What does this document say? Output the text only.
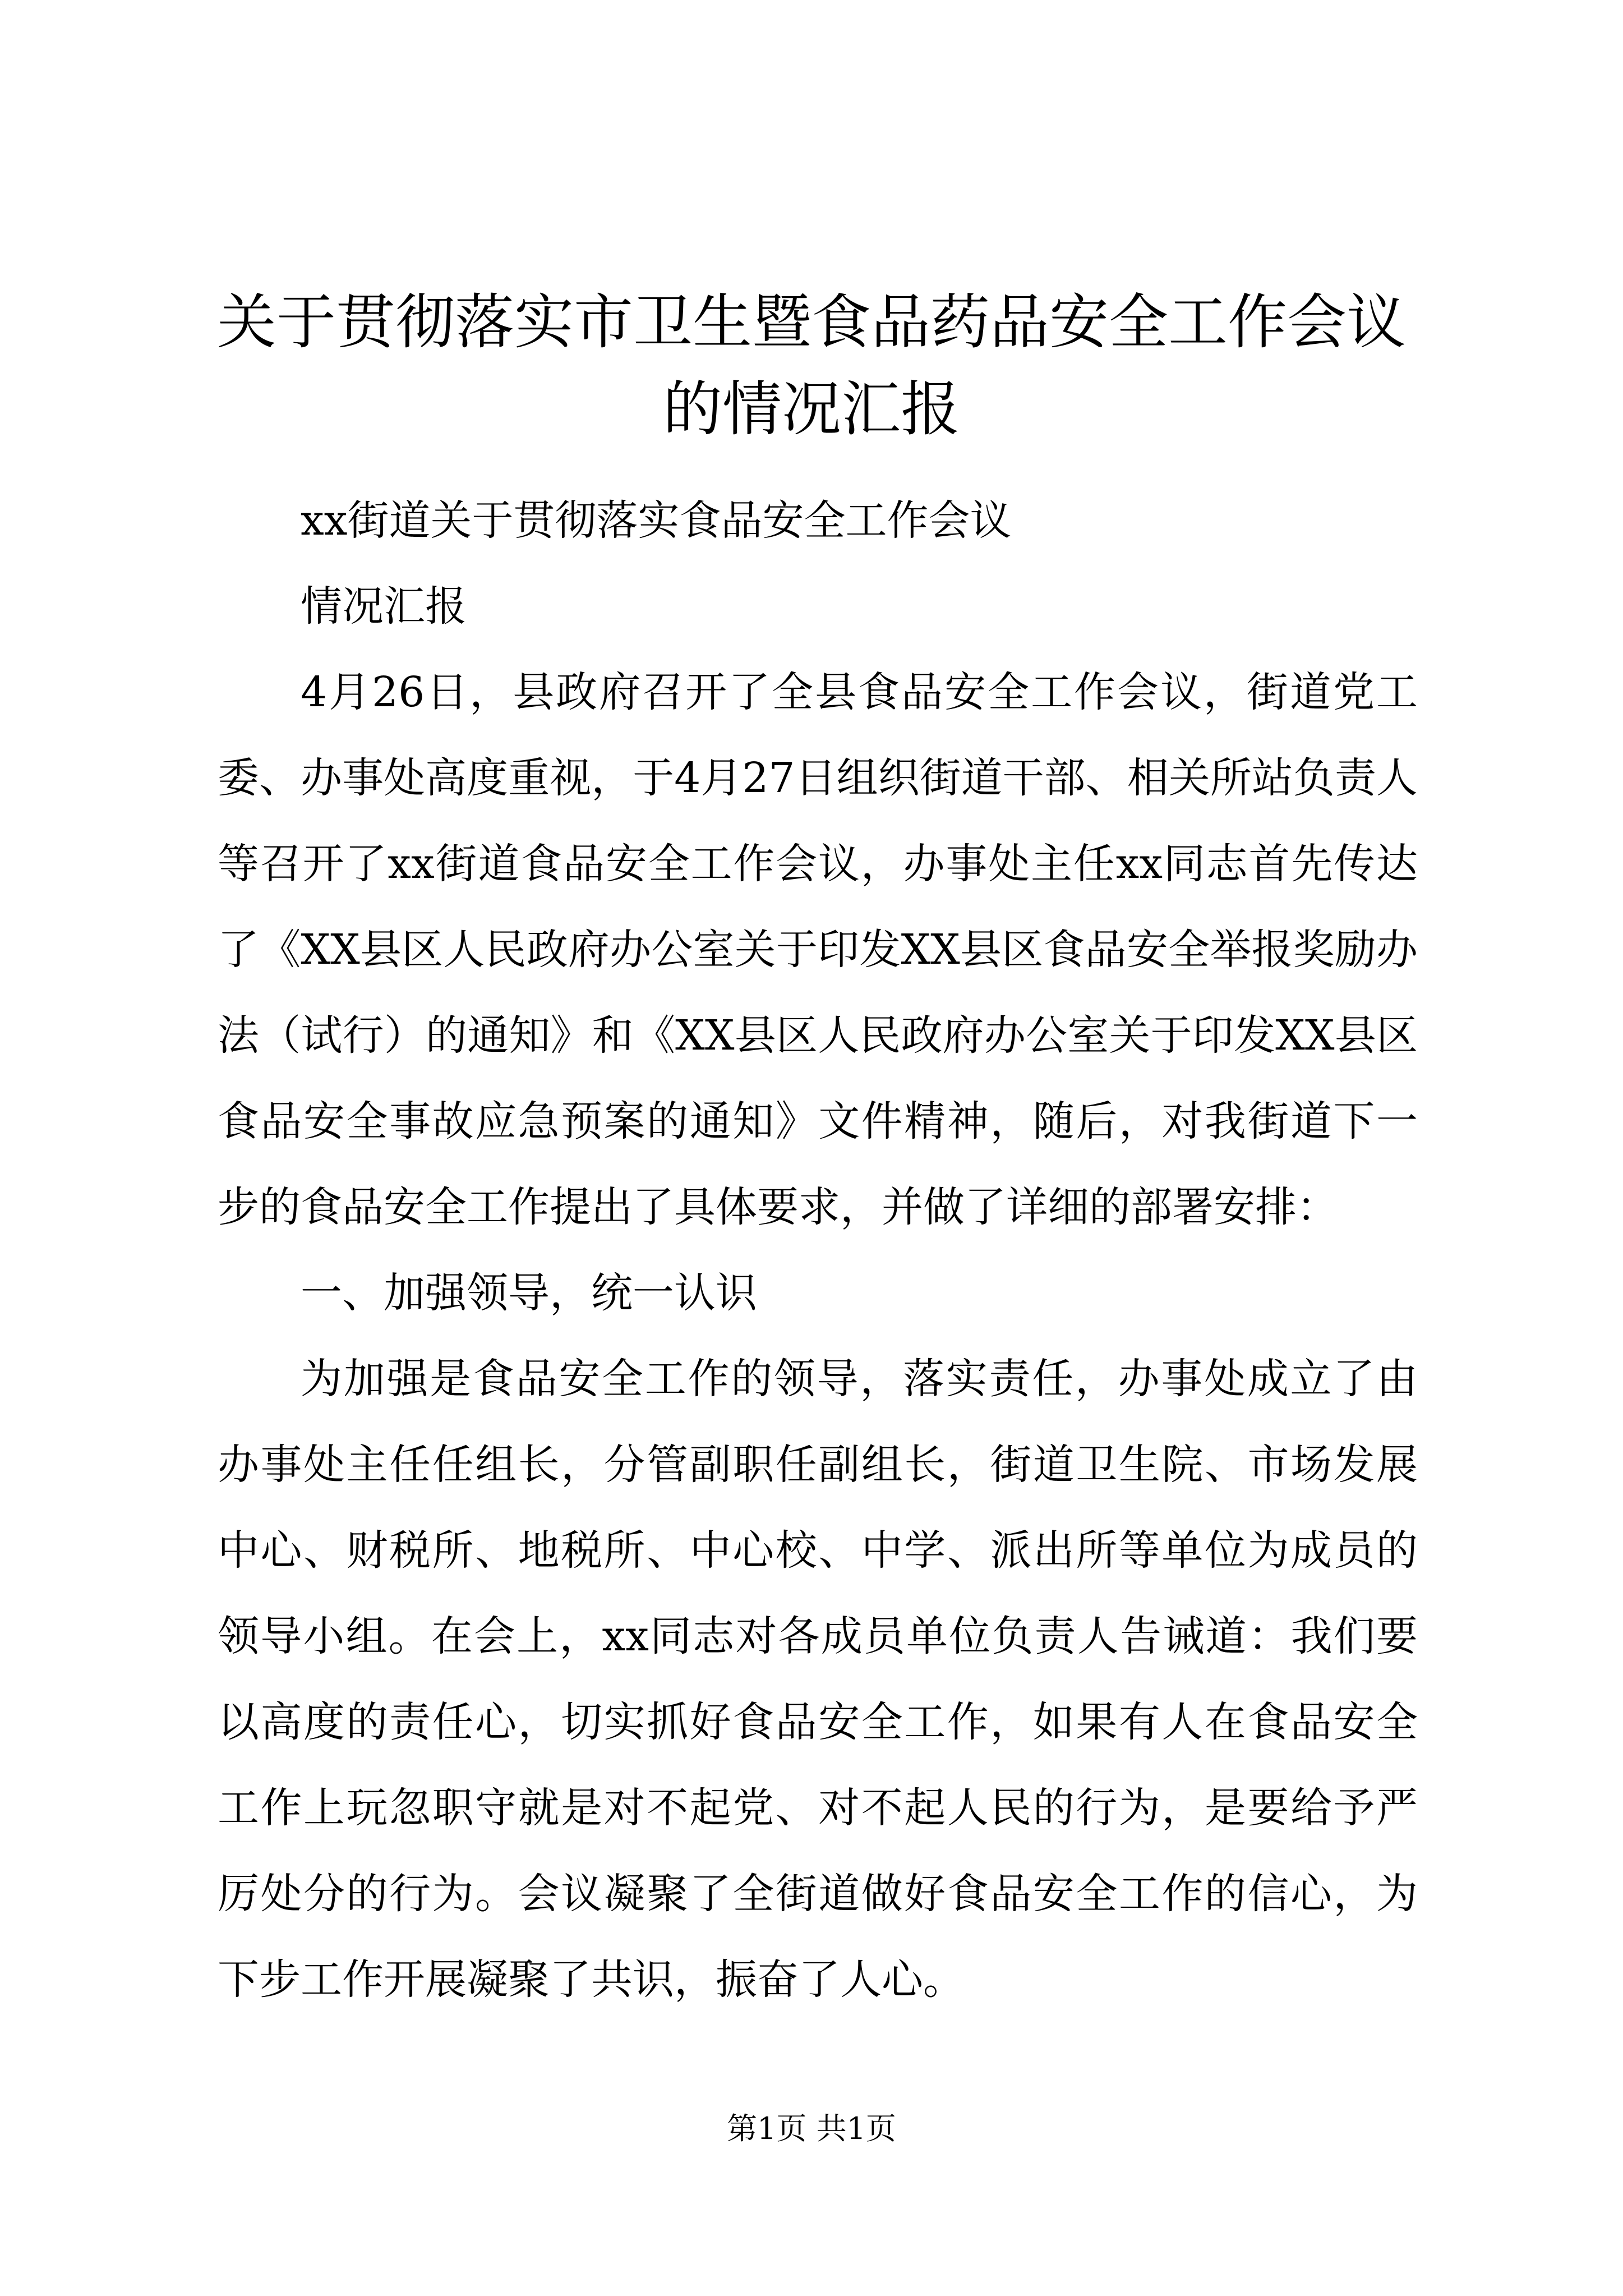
关于贯彻落实市卫生暨食品药品安全工作会议
的情况汇报

xx街道关于贯彻落实食品安全工作会议

情况汇报

4月26日，县政府召开了全县食品安全工作会议，街道党工委、办事处高度重视，于4月27日组织街道干部、相关所站负责人等召开了xx街道食品安全工作会议，办事处主任xx同志首先传达了《XX县区人民政府办公室关于印发XX县区食品安全举报奖励办法（试行）的通知》和《XX县区人民政府办公室关于印发XX县区食品安全事故应急预案的通知》文件精神，随后，对我街道下一步的食品安全工作提出了具体要求，并做了详细的部署安排：

一、加强领导，统一认识

为加强是食品安全工作的领导，落实责任，办事处成立了由办事处主任任组长，分管副职任副组长，街道卫生院、市场发展中心、财税所、地税所、中心校、中学、派出所等单位为成员的领导小组。在会上，xx同志对各成员单位负责人告诫道：我们要以高度的责任心，切实抓好食品安全工作，如果有人在食品安全工作上玩忽职守就是对不起党、对不起人民的行为，是要给予严厉处分的行为。会议凝聚了全街道做好食品安全工作的信心，为下步工作开展凝聚了共识，振奋了人心。

第1页 共1页
